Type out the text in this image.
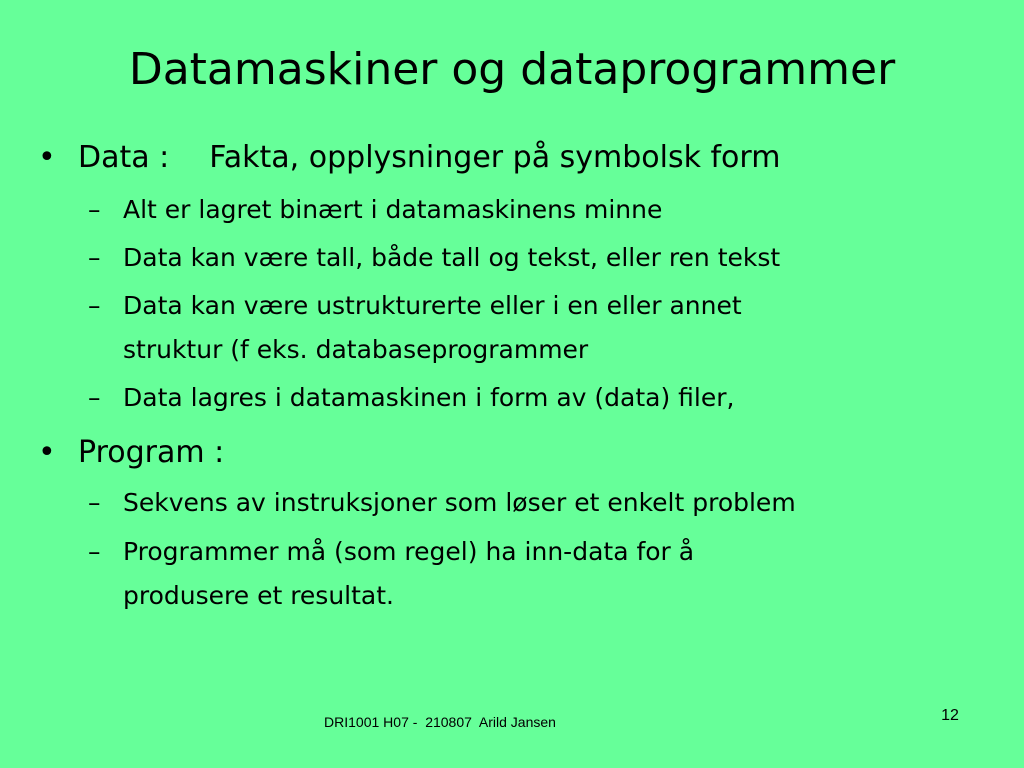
Datamaskiner og dataprogrammer
• Data : Fakta, opplysninger på symbolsk form
– Alt er lagret binært i datamaskinens minne
– Data kan være tall, både tall og tekst, eller ren tekst
– Data kan være ustrukturerte eller i en eller annet
struktur (f eks. databaseprogrammer
– Data lagres i datamaskinen i form av (data) filer,
• Program :
– Sekvens av instruksjoner som løser et enkelt problem
– Programmer må (som regel) ha inn-data for å
produsere et resultat.
DRI1001 H07 -  210807  Arild Jansen	12
